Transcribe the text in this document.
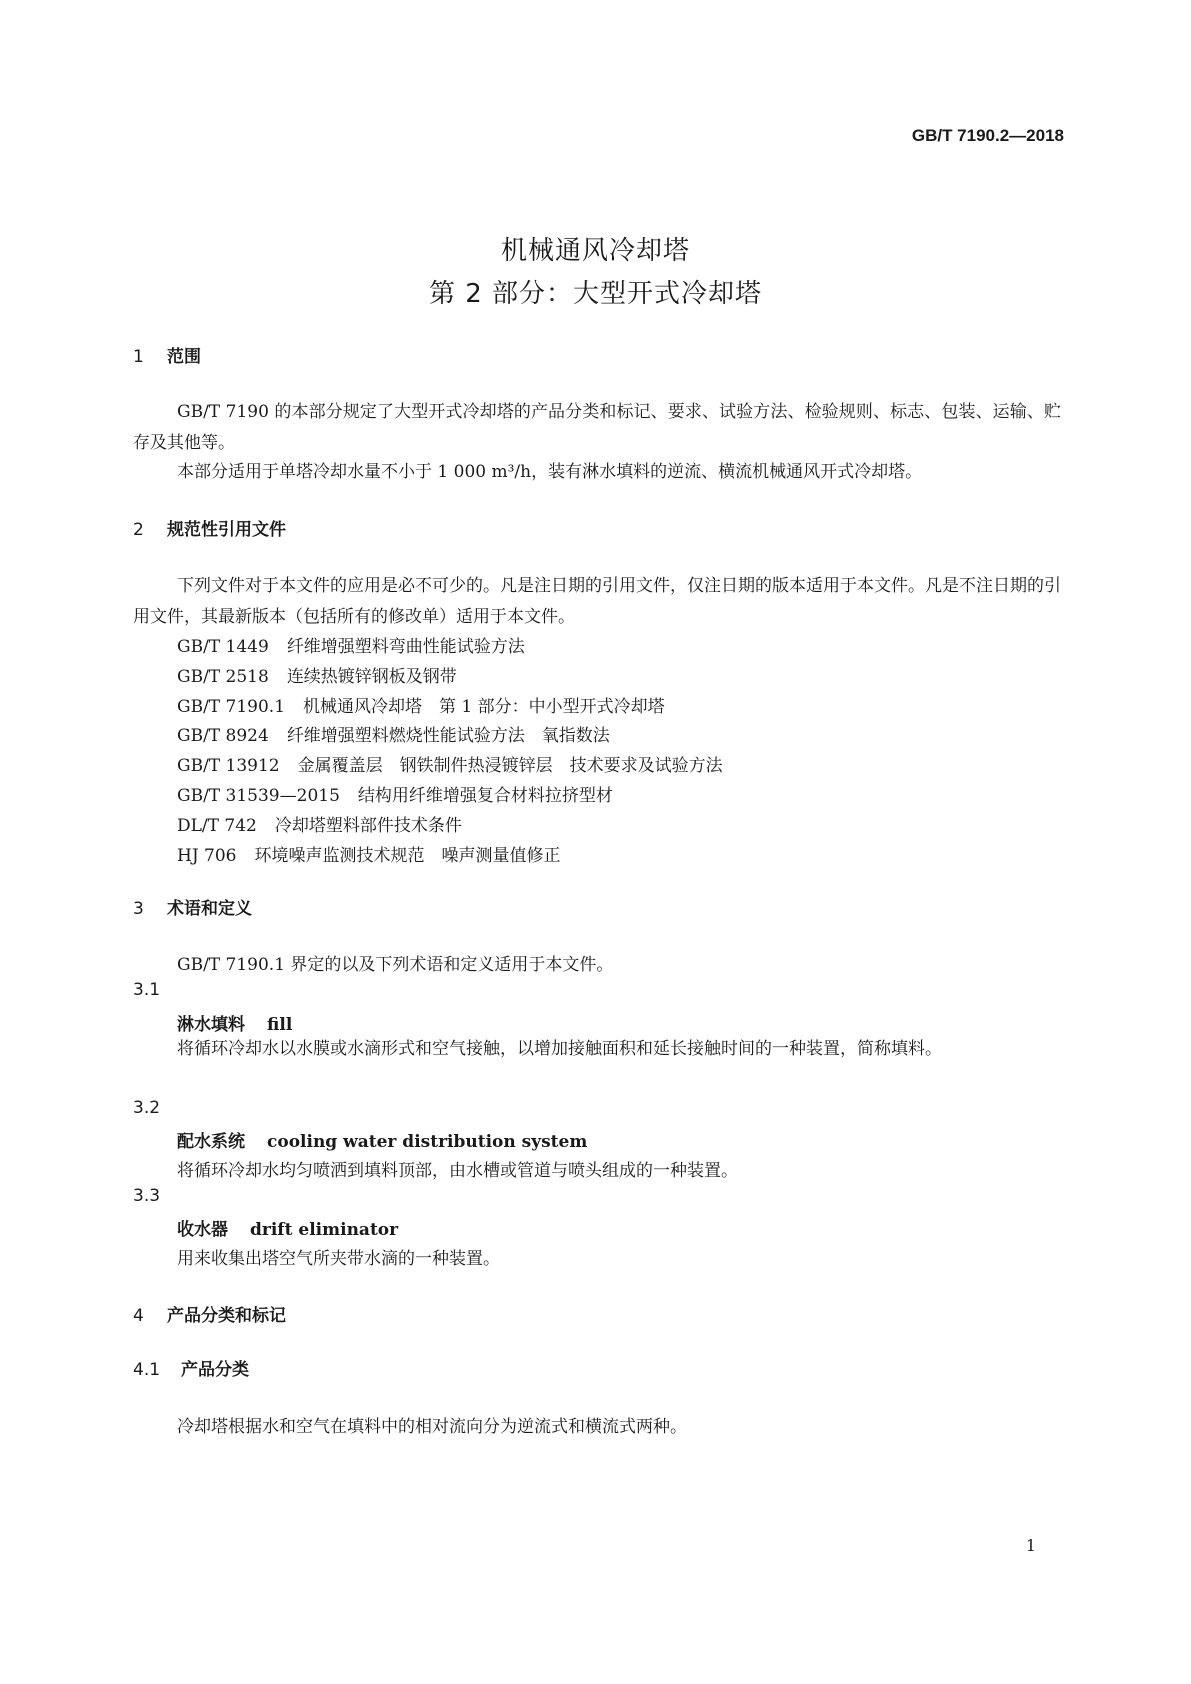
GB/T 7190.2—2018
机械通风冷却塔
第 2 部分：大型开式冷却塔
1 范围
GB/T 7190 的本部分规定了大型开式冷却塔的产品分类和标记、要求、试验方法、检验规则、标志、包装、运输、贮存及其他等。
本部分适用于单塔冷却水量不小于 1 000 m³/h，装有淋水填料的逆流、横流机械通风开式冷却塔。
2 规范性引用文件
下列文件对于本文件的应用是必不可少的。凡是注日期的引用文件，仅注日期的版本适用于本文件。凡是不注日期的引用文件，其最新版本（包括所有的修改单）适用于本文件。
GB/T 1449 纤维增强塑料弯曲性能试验方法
GB/T 2518 连续热镀锌钢板及钢带
GB/T 7190.1 机械通风冷却塔　第 1 部分：中小型开式冷却塔
GB/T 8924 纤维增强塑料燃烧性能试验方法　氧指数法
GB/T 13912 金属覆盖层　钢铁制件热浸镀锌层　技术要求及试验方法
GB/T 31539—2015 结构用纤维增强复合材料拉挤型材
DL/T 742 冷却塔塑料部件技术条件
HJ 706 环境噪声监测技术规范　噪声测量值修正
3 术语和定义
GB/T 7190.1 界定的以及下列术语和定义适用于本文件。
3.1
淋水填料 fill
将循环冷却水以水膜或水滴形式和空气接触，以增加接触面积和延长接触时间的一种装置，简称填料。
3.2
配水系统 cooling water distribution system
将循环冷却水均匀喷洒到填料顶部，由水槽或管道与喷头组成的一种装置。
3.3
收水器 drift eliminator
用来收集出塔空气所夹带水滴的一种装置。
4 产品分类和标记
4.1 产品分类
冷却塔根据水和空气在填料中的相对流向分为逆流式和横流式两种。
1
